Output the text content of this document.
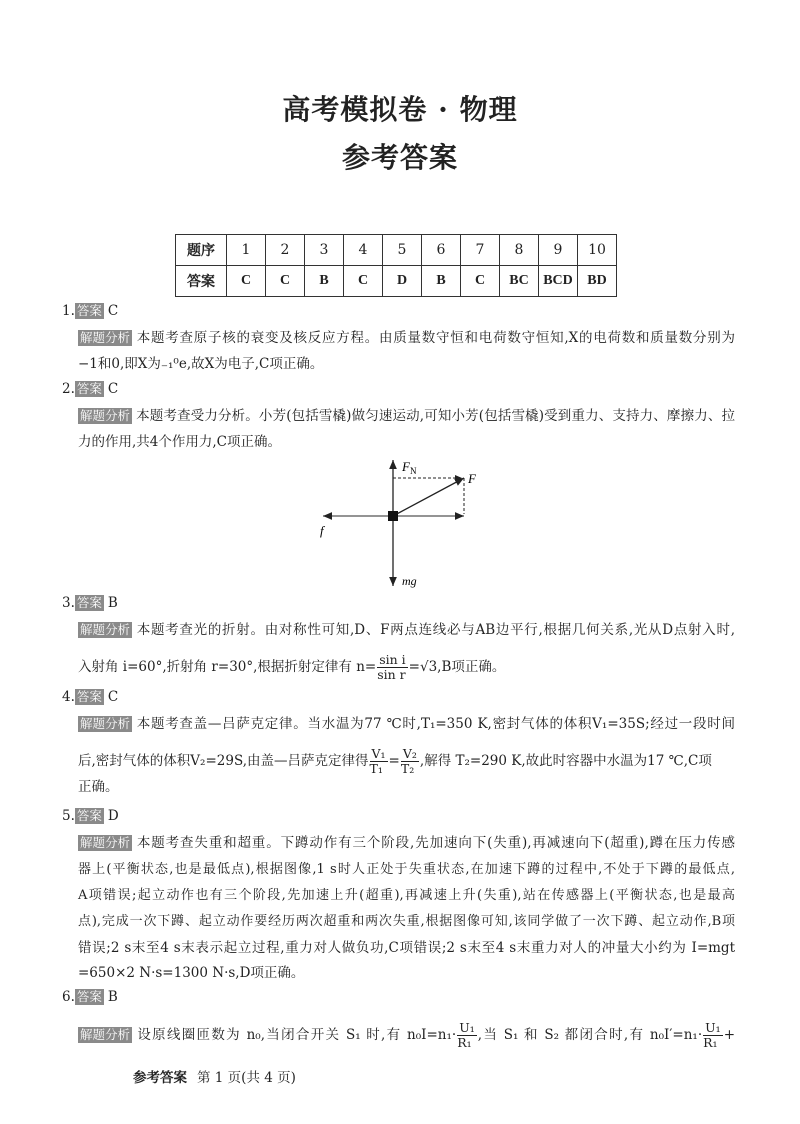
高考模拟卷 · 物理
参考答案
题序	1	2	3	4	5	6	7	8	9	10
答案	C	C	B	C	D	B	C	BC	BCD	BD
1. 答案 C
解题分析 本题考查原子核的衰变及核反应方程。由质量数守恒和电荷数守恒知,X的电荷数和质量数分别为
−1和0,即X为₋₁⁰e,故X为电子,C项正确。
2. 答案 C
解题分析 本题考查受力分析。小芳(包括雪橇)做匀速运动,可知小芳(包括雪橇)受到重力、支持力、摩擦力、拉
力的作用,共4个作用力,C项正确。
$F_N$	F
f
mg
3. 答案 B
解题分析 本题考查光的折射。由对称性可知,D、F两点连线必与AB边平行,根据几何关系,光从D点射入时,
入射角 i=60°,折射角 r=30°,根据折射定律有 $n= \frac{\text{sin i}}{\text{sin r}} =√3,B$项正确。
4. 答案 C
解题分析 本题考查盖—吕萨克定律。当水温为77 ℃时,T₁=350 K,密封气体的体积V₁=35S;经过一段时间
后,密封气体的体积V₂=29S,由盖—吕萨克定律得 $\frac{\text{V₁}}{\text{T₁}} = \frac{\text{V₂}}{\text{T₂}}$ ,解得 T₂=290 K,故此时容器中水温为17 ℃,C项
正确。
5. 答案 D
解题分析 本题考查失重和超重。下蹲动作有三个阶段,先加速向下(失重),再减速向下(超重),蹲在压力传感
器上(平衡状态,也是最低点),根据图像,1 s时人正处于失重状态,在加速下蹲的过程中,不处于下蹲的最低点,
A项错误;起立动作也有三个阶段,先加速上升(超重),再减速上升(失重),站在传感器上(平衡状态,也是最高
点),完成一次下蹲、起立动作要经历两次超重和两次失重,根据图像可知,该同学做了一次下蹲、起立动作,B项
错误;2 s末至4 s末表示起立过程,重力对人做负功,C项错误;2 s末至4 s末重力对人的冲量大小约为 I=mgt
=650×2 N·s=1300 N·s,D项正确。
6. 答案 B
解题分析 设原线圈匝数为 n₀,当闭合开关 S₁ 时,有 $n_0I=n_1\cdot \frac{\text{U₁}}{\text{R₁}}$ ,当 S₁ 和 S₂ 都闭合时,有 $n_0I'=n_1\cdot \frac{\text{U₁}}{\text{R₁}}$ +
参考答案 第 1 页(共 4 页)
